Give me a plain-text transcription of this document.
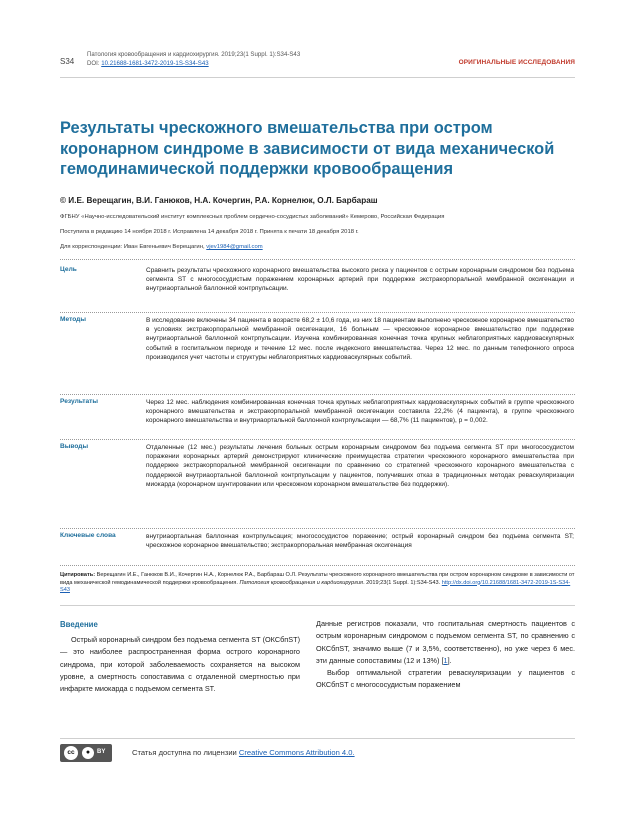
S34
Патология кровообращения и кардиохирургия. 2019;23(1 Suppl. 1):S34-S43
DOI: 10.21688-1681-3472-2019-1S-S34-S43	ОРИГИНАЛЬНЫЕ ИССЛЕДОВАНИЯ
Результаты чрескожного вмешательства при остром коронарном синдроме в зависимости от вида механической гемодинамической поддержки кровообращения
© И.Е. Верещагин, В.И. Ганюков, Н.А. Кочергин, Р.А. Корнелюк, О.Л. Барбараш
ФГБНУ «Научно-исследовательский институт комплексных проблем сердечно-сосудистых заболеваний» Кемерово, Российская Федерация
Поступила в редакцию 14 ноября 2018 г. Исправлена 14 декабря 2018 г. Принята к печати 18 декабря 2018 г.
Для корреспонденции: Иван Евгеньевич Верещагин, vjev1984@gmail.com
Цель	Сравнить результаты чрескожного коронарного вмешательства высокого риска у пациентов с острым коронарным синдромом без подъема сегмента ST с многососудистым поражением коронарных артерий при поддержке экстракорпоральной мембранной оксигенации и внутриаортальной баллонной контрпульсации.
Методы	В исследование включены 34 пациента в возрасте 68,2 ± 10,6 года, из них 18 пациентам выполнено чрескожное коронарное вмешательство в условиях экстракорпоральной мембранной оксигенации, 16 больным — чрескожное коронарное вмешательство при поддержке внутриаортальной баллонной контрпульсации. Изучена комбинированная конечная точка крупных неблагоприятных кардиоваскулярных событий в госпитальном периоде и течение 12 мес. после индексного вмешательства. Через 12 мес. по данным телефонного опроса производился учет частоты и структуры неблагоприятных кардиоваскулярных событий.
Результаты	Через 12 мес. наблюдения комбинированная конечная точка крупных неблагоприятных кардиоваскулярных событий в группе чрескожного коронарного вмешательства и экстракорпоральной мембранной оксигенации составила 22,2% (4 пациента), в группе чрескожного коронарного вмешательства и внутриаортальной баллонной контрпульсации — 68,7% (11 пациентов), p = 0,002.
Выводы	Отдаленные (12 мес.) результаты лечения больных острым коронарным синдромом без подъема сегмента ST при многососудистом поражении коронарных артерий демонстрируют клинические преимущества стратегии чрескожного коронарного вмешательства при поддержке экстракорпоральной мембранной оксигенации по сравнению со стратегией чрескожного коронарного вмешательства с поддержкой внутриаортальной баллонной контрпульсации у пациентов, получивших отказ в традиционных методах реваскуляризации миокарда (коронарном шунтировании или чрескожном коронарном вмешательстве без поддержки).
Ключевые слова	внутриаортальная баллонная контрпульсация; многососудистое поражение; острый коронарный синдром без подъема сегмента ST; чрескожное коронарное вмешательство; экстракорпоральная мембранная оксигенация
Цитировать: Верещагин И.Е., Ганюков В.И., Кочергин Н.А., Корнелюк Р.А., Барбараш О.Л. Результаты чрескожного коронарного вмешательства при остром коронарном синдроме в зависимости от вида механической гемодинамической поддержки кровообращения. Патология кровообращения и кардиохирургия. 2019;23(1 Suppl. 1):S34-S43. http://dx.doi.org/10.21688/1681-3472-2019-1S-S34-S43
Введение

Острый коронарный синдром без подъема сегмента ST (ОКСбпST) — это наиболее распространенная форма острого коронарного синдрома, при которой заболеваемость сохраняется на высоком уровне, а смертность сопоставима с отдаленной смертностью при инфаркте миокарда с подъемом сегмента ST.

Данные регистров показали, что госпитальная смертность пациентов с острым коронарным синдромом с подъемом сегмента ST, по сравнению с ОКСбпST, значимо выше (7 и 3,5%, соответственно), но уже через 6 мес. эти данные сопоставимы (12 и 13%) [1].

Выбор оптимальной стратегии реваскуляризации у пациентов с ОКСбпST с многососудистым поражением

cc	●	BY	Статья доступна по лицензии Creative Commons Attribution 4.0.
